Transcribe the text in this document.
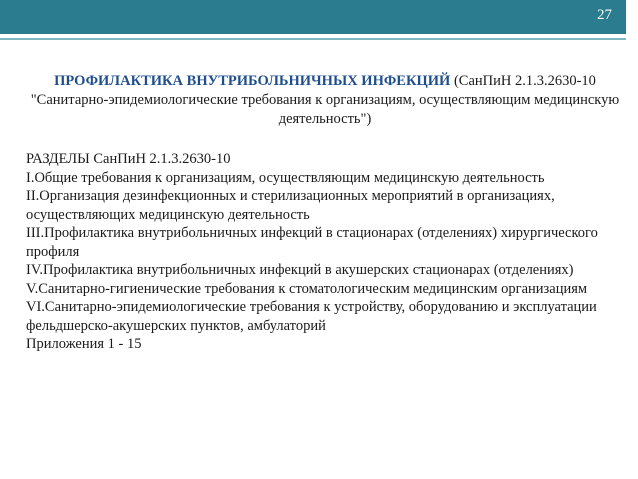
27
ПРОФИЛАКТИКА ВНУТРИБОЛЬНИЧНЫХ ИНФЕКЦИЙ (СанПиН 2.1.3.2630-10 "Санитарно-эпидемиологические требования к организациям, осуществляющим медицинскую деятельность")
РАЗДЕЛЫ СанПиН 2.1.3.2630-10
I.Общие требования к организациям, осуществляющим медицинскую деятельность
II.Организация дезинфекционных и стерилизационных мероприятий в организациях, осуществляющих медицинскую деятельность
III.Профилактика внутрибольничных инфекций в стационарах (отделениях) хирургического профиля
IV.Профилактика внутрибольничных инфекций в акушерских стационарах (отделениях)
V.Санитарно-гигиенические требования к стоматологическим медицинским организациям
VI.Санитарно-эпидемиологические требования к устройству, оборудованию и эксплуатации фельдшерско-акушерских пунктов, амбулаторий
Приложения 1 - 15
